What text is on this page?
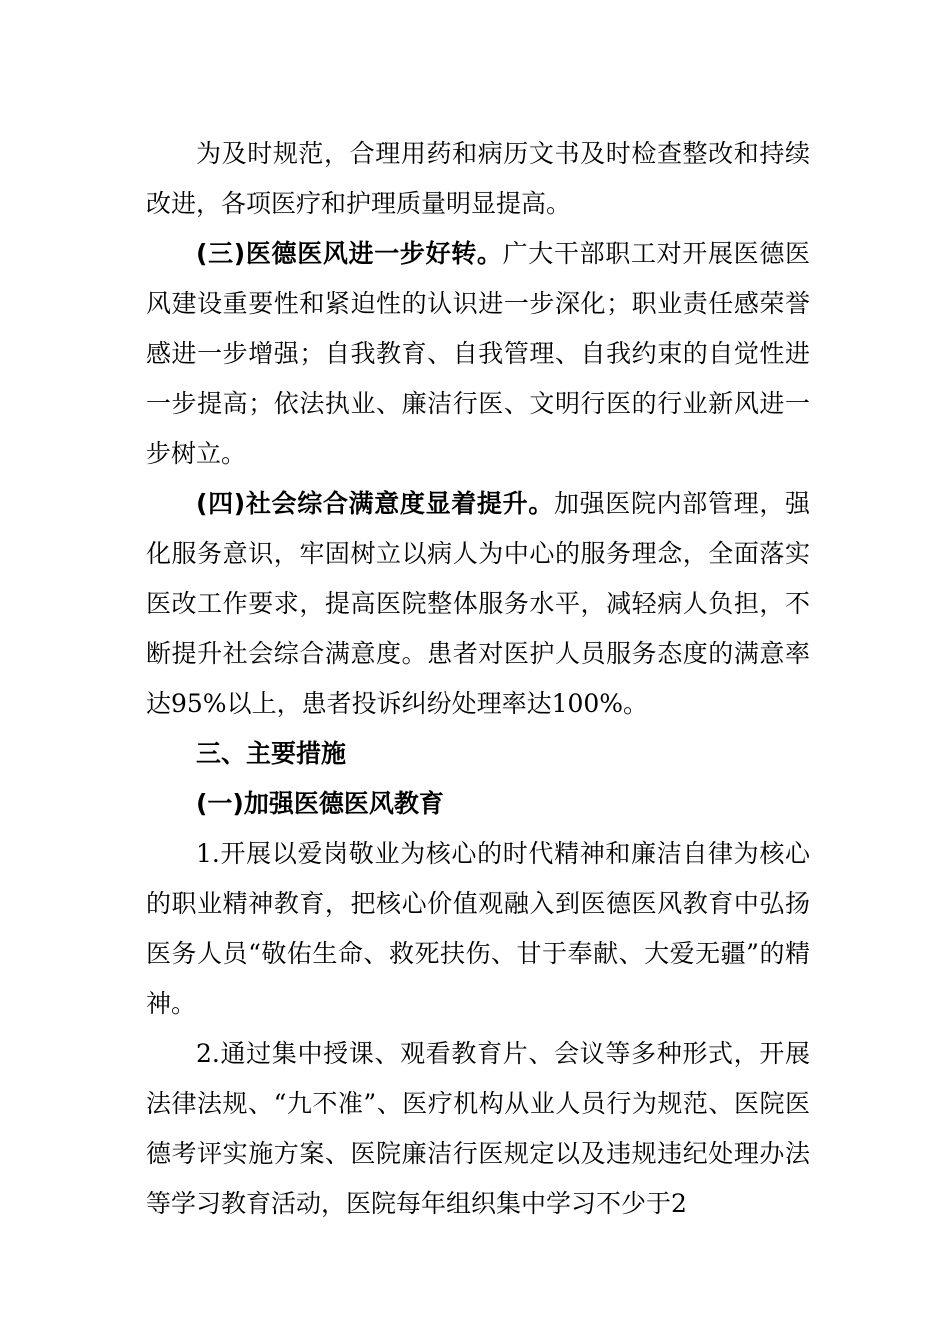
为及时规范，合理用药和病历文书及时检查整改和持续改进，各项医疗和护理质量明显提高。

(三)医德医风进一步好转。广大干部职工对开展医德医风建设重要性和紧迫性的认识进一步深化；职业责任感荣誉感进一步增强；自我教育、自我管理、自我约束的自觉性进一步提高；依法执业、廉洁行医、文明行医的行业新风进一步树立。

(四)社会综合满意度显着提升。加强医院内部管理，强化服务意识，牢固树立以病人为中心的服务理念，全面落实医改工作要求，提高医院整体服务水平，减轻病人负担，不断提升社会综合满意度。患者对医护人员服务态度的满意率达95%以上，患者投诉纠纷处理率达100%。

三、主要措施

(一)加强医德医风教育

1.开展以爱岗敬业为核心的时代精神和廉洁自律为核心的职业精神教育，把核心价值观融入到医德医风教育中弘扬医务人员“敬佑生命、救死扶伤、甘于奉献、大爱无疆”的精神。

2.通过集中授课、观看教育片、会议等多种形式，开展法律法规、“九不准”、医疗机构从业人员行为规范、医院医德考评实施方案、医院廉洁行医规定以及违规违纪处理办法等学习教育活动，医院每年组织集中学习不少于2
